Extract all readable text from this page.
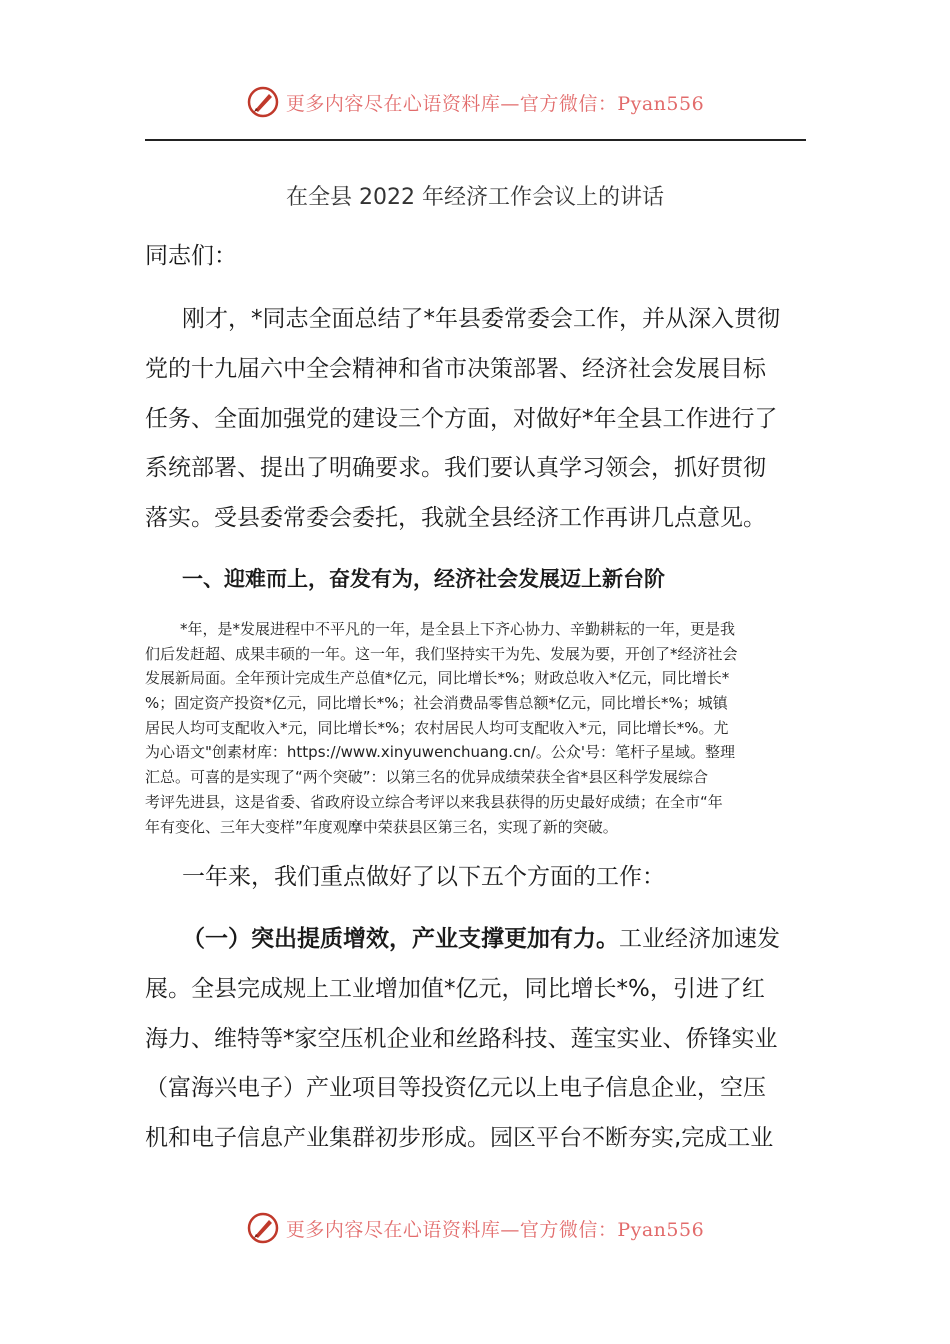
更多内容尽在心语资料库—官方微信：Pyan556
在全县 2022 年经济工作会议上的讲话
同志们：
刚才，*同志全面总结了*年县委常委会工作，并从深入贯彻
党的十九届六中全会精神和省市决策部署、经济社会发展目标
任务、全面加强党的建设三个方面，对做好*年全县工作进行了
系统部署、提出了明确要求。我们要认真学习领会，抓好贯彻
落实。受县委常委会委托，我就全县经济工作再讲几点意见。
一、迎难而上，奋发有为，经济社会发展迈上新台阶
*年，是*发展进程中不平凡的一年，是全县上下齐心协力、辛勤耕耘的一年，更是我
们后发赶超、成果丰硕的一年。这一年，我们坚持实干为先、发展为要，开创了*经济社会
发展新局面。全年预计完成生产总值*亿元，同比增长*%；财政总收入*亿元，同比增长*
%；固定资产投资*亿元，同比增长*%；社会消费品零售总额*亿元，同比增长*%；城镇
居民人均可支配收入*元，同比增长*%；农村居民人均可支配收入*元，同比增长*%。尤
为心语文"创素材库：https://www.xinyuwenchuang.cn/。公众'号：笔杆子星域。整理
汇总。可喜的是实现了“两个突破”：以第三名的优异成绩荣获全省*县区科学发展综合
考评先进县，这是省委、省政府设立综合考评以来我县获得的历史最好成绩；在全市“年
年有变化、三年大变样”年度观摩中荣获县区第三名，实现了新的突破。
一年来，我们重点做好了以下五个方面的工作：
（一）突出提质增效，产业支撑更加有力。工业经济加速发
展。全县完成规上工业增加值*亿元，同比增长*%，引进了红
海力、维特等*家空压机企业和丝路科技、莲宝实业、侨锋实业
（富海兴电子）产业项目等投资亿元以上电子信息企业，空压
机和电子信息产业集群初步形成。园区平台不断夯实,完成工业
更多内容尽在心语资料库—官方微信：Pyan556
